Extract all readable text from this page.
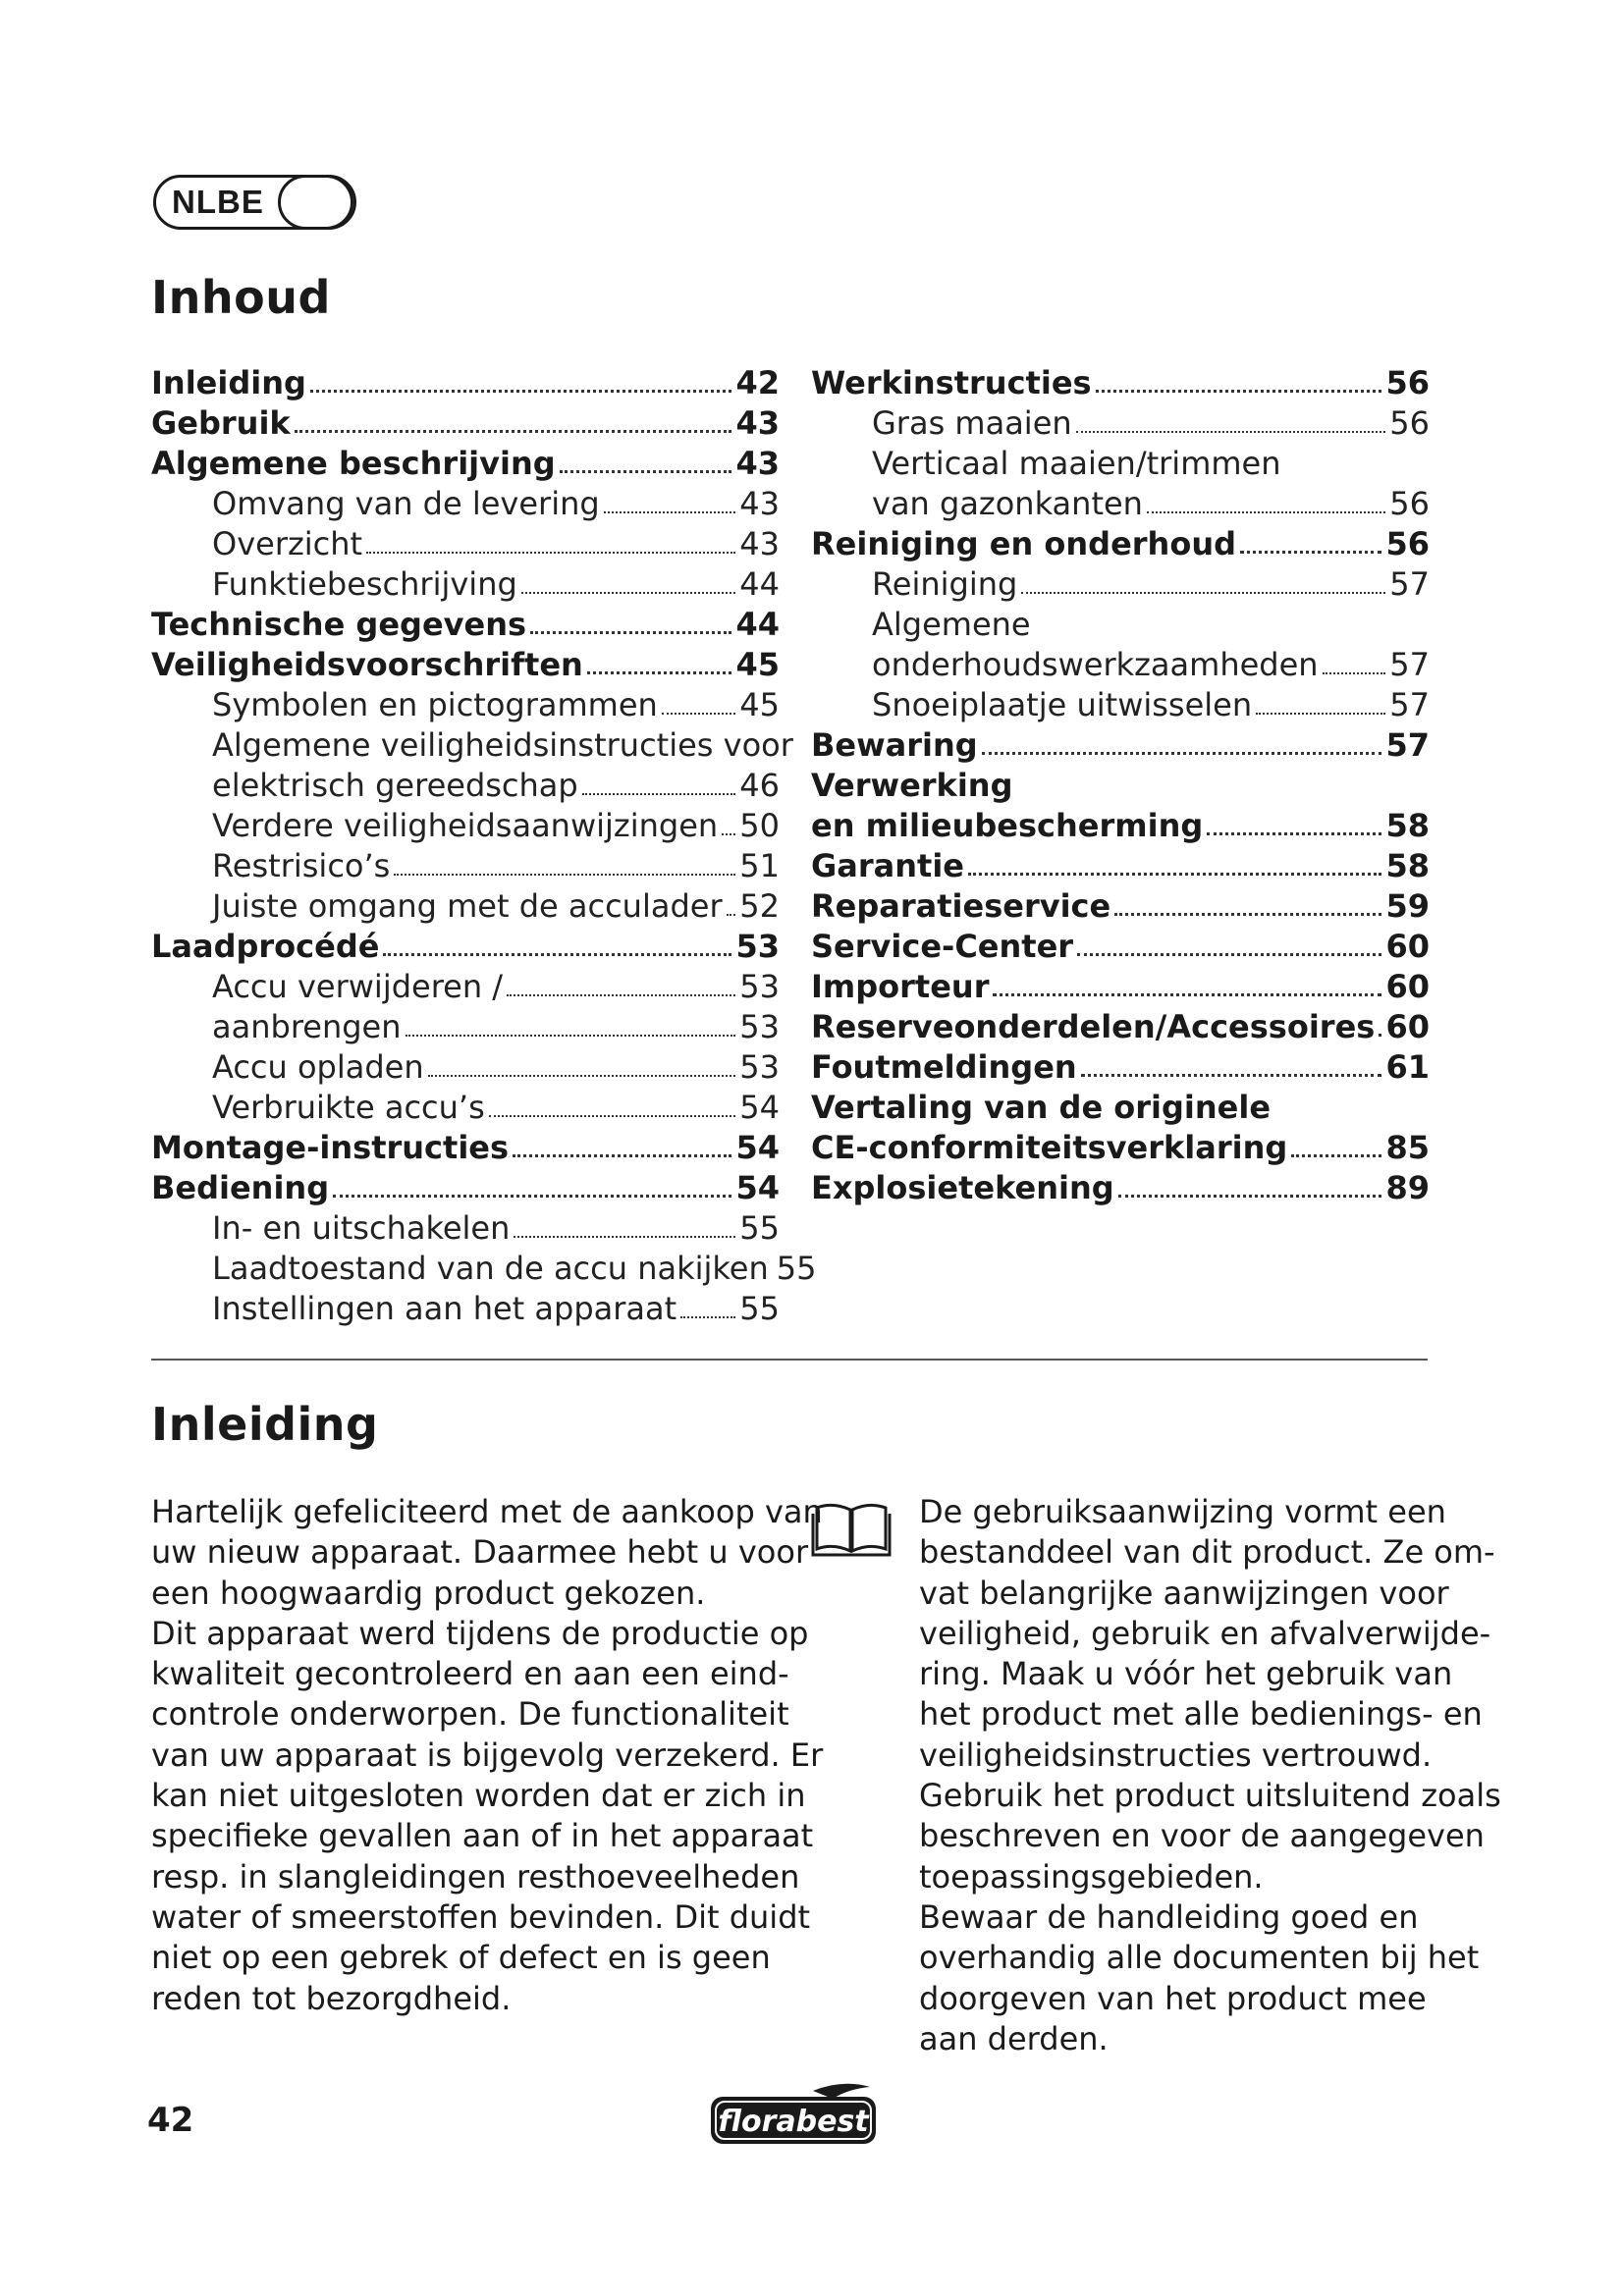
NLBE
Inhoud
Inleiding	42
Gebruik	43
Algemene beschrijving	43
Omvang van de levering	43
Overzicht	43
Funktiebeschrijving	44
Technische gegevens	44
Veiligheidsvoorschriften	45
Symbolen en pictogrammen	45
Algemene veiligheidsinstructies voor
elektrisch gereedschap	46
Verdere veiligheidsaanwijzingen 50
Restrisico’s	51
Juiste omgang met de acculader 52
Laadprocédé	53
Accu verwijderen /	53
aanbrengen	53
Accu opladen	53
Verbruikte accu’s	54
Montage-instructies	54
Bediening	54
In- en uitschakelen	55
Laadtoestand van de accu nakijken 55
Instellingen aan het apparaat 55
Werkinstructies	56
Gras maaien	56
Verticaal maaien/trimmen
van gazonkanten	56
Reiniging en onderhoud	56
Reiniging	57
Algemene
onderhoudswerkzaamheden 57
Snoeiplaatje uitwisselen	57
Bewaring	57
Verwerking
en milieubescherming	58
Garantie	58
Reparatieservice	59
Service-Center	60
Importeur	60
Reserveonderdelen/Accessoires 60
Foutmeldingen	61
Vertaling van de originele
CE-conformiteitsverklaring	85
Explosietekening	89
Inleiding
Hartelijk gefeliciteerd met de aankoop van
uw nieuw apparaat. Daarmee hebt u voor
een hoogwaardig product gekozen.
Dit apparaat werd tijdens de productie op
kwaliteit gecontroleerd en aan een eind-
controle onderworpen. De functionaliteit
van uw apparaat is bijgevolg verzekerd. Er
kan niet uitgesloten worden dat er zich in
specifieke gevallen aan of in het apparaat
resp. in slangleidingen resthoeveelheden
water of smeerstoffen bevinden. Dit duidt
niet op een gebrek of defect en is geen
reden tot bezorgdheid.
De gebruiksaanwijzing vormt een
bestanddeel van dit product. Ze om-
vat belangrijke aanwijzingen voor
veiligheid, gebruik en afvalverwijde-
ring. Maak u vóór het gebruik van
het product met alle bedienings- en
veiligheidsinstructies vertrouwd.
Gebruik het product uitsluitend zoals
beschreven en voor de aangegeven
toepassingsgebieden.
Bewaar de handleiding goed en
overhandig alle documenten bij het
doorgeven van het product mee
aan derden.
42	florabest
